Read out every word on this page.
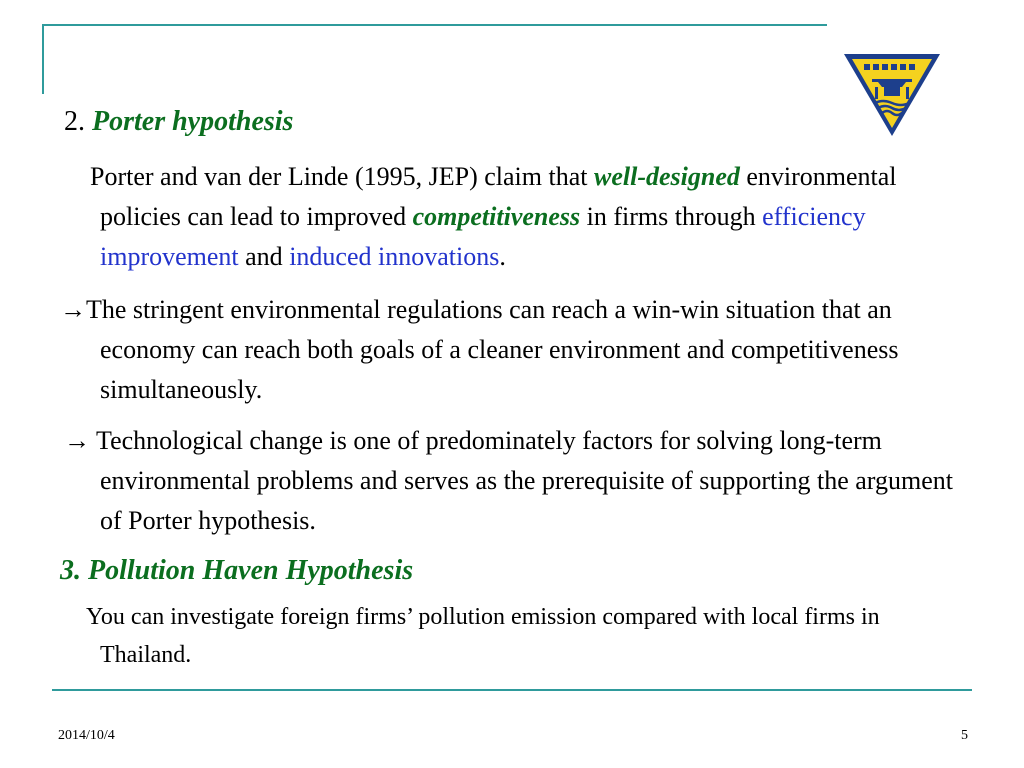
2. Porter hypothesis
Porter and van der Linde (1995, JEP) claim that well-designed environmental policies can lead to improved competitiveness in firms through efficiency improvement and induced innovations.
→The stringent environmental regulations can reach a win-win situation that an economy can reach both goals of a cleaner environment and competitiveness simultaneously.
→ Technological change is one of predominately factors for solving long-term environmental problems and serves as the prerequisite of supporting the argument of Porter hypothesis.
3. Pollution Haven Hypothesis
You can investigate foreign firms’ pollution emission compared with local firms in Thailand.
2014/10/4	5
